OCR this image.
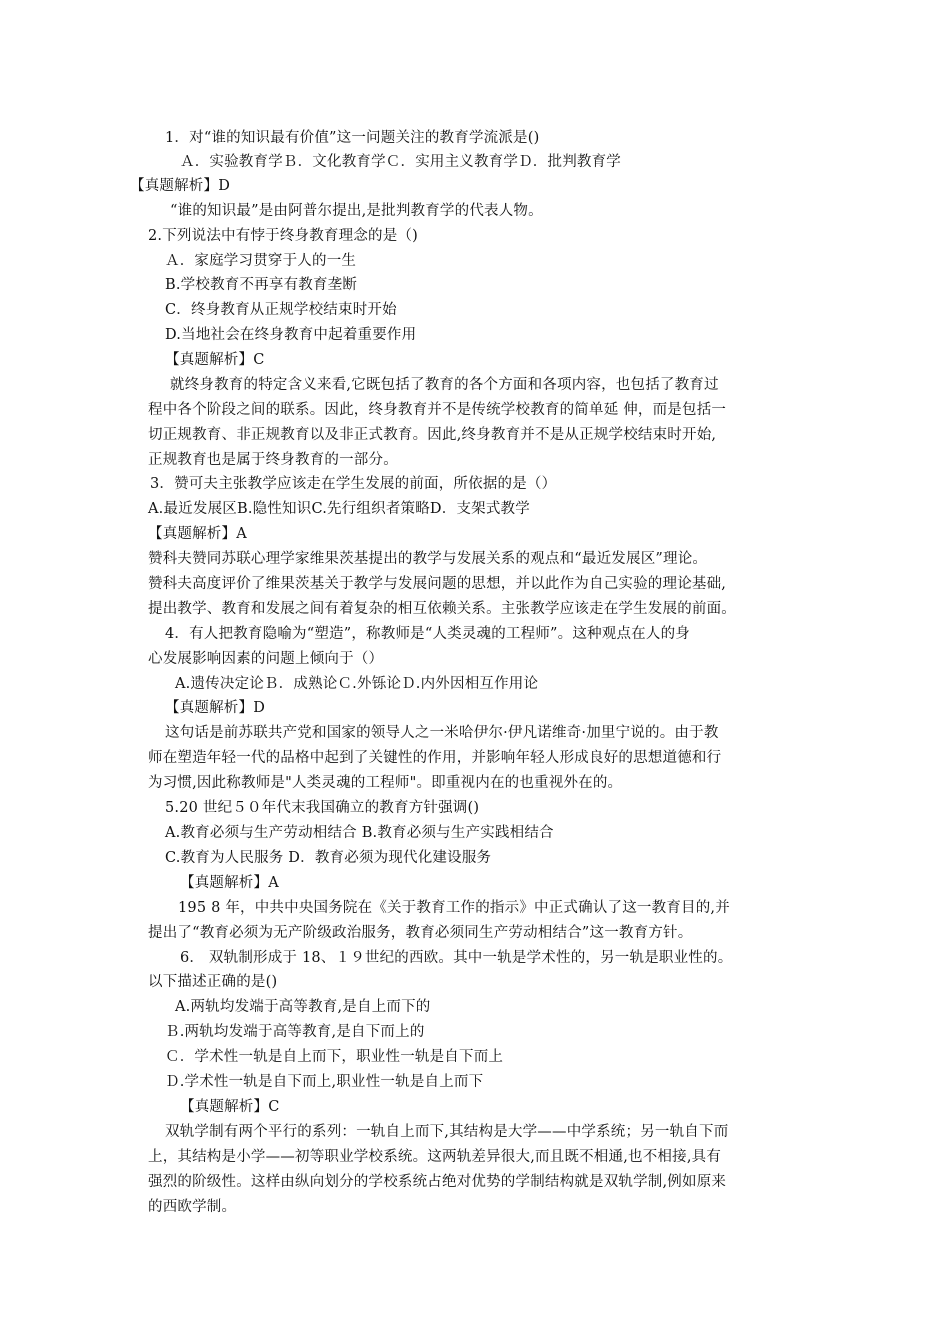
1．对“谁的知识最有价值”这一问题关注的教育学流派是()
Ａ．实验教育学Ｂ．文化教育学Ｃ．实用主义教育学Ｄ．批判教育学
【真题解析】D
“谁的知识最”是由阿普尔提出,是批判教育学的代表人物。
2.下列说法中有悖于终身教育理念的是（)
Ａ．家庭学习贯穿于人的一生
B.学校教育不再享有教育垄断
C．终身教育从正规学校结束时开始
D.当地社会在终身教育中起着重要作用
【真题解析】C
就终身教育的特定含义来看,它既包括了教育的各个方面和各项内容，也包括了教育过
程中各个阶段之间的联系。因此，终身教育并不是传统学校教育的简单延 伸，而是包括一
切正规教育、非正规教育以及非正式教育。因此,终身教育并不是从正规学校结束时开始,
正规教育也是属于终身教育的一部分。
3．赞可夫主张教学应该走在学生发展的前面，所依据的是（）
A.最近发展区B.隐性知识C.先行组织者策略D．支架式教学
【真题解析】A
赞科夫赞同苏联心理学家维果茨基提出的教学与发展关系的观点和“最近发展区”理论。
赞科夫高度评价了维果茨基关于教学与发展问题的思想，并以此作为自己实验的理论基础,
提出教学、教育和发展之间有着复杂的相互依赖关系。主张教学应该走在学生发展的前面。
4．有人把教育隐喻为“塑造”，称教师是“人类灵魂的工程师”。这种观点在人的身
心发展影响因素的问题上倾向于（）
A.遗传决定论Ｂ．成熟论Ｃ.外铄论Ｄ.内外因相互作用论
【真题解析】D
这句话是前苏联共产党和国家的领导人之一米哈伊尔·伊凡诺维奇·加里宁说的。由于教
师在塑造年轻一代的品格中起到了关键性的作用，并影响年轻人形成良好的思想道德和行
为习惯,因此称教师是"人类灵魂的工程师"。即重视内在的也重视外在的。
5.20 世纪５０年代末我国确立的教育方针强调()
A.教育必须与生产劳动相结合 B.教育必须与生产实践相结合
C.教育为人民服务 D．教育必须为现代化建设服务
【真题解析】A
195 8 年，中共中央国务院在《关于教育工作的指示》中正式确认了这一教育目的,并
提出了“教育必须为无产阶级政治服务，教育必须同生产劳动相结合”这一教育方针。
6． 双轨制形成于 18、１９世纪的西欧。其中一轨是学术性的，另一轨是职业性的。
以下描述正确的是()
A.两轨均发端于高等教育,是自上而下的
Ｂ.两轨均发端于高等教育,是自下而上的
Ｃ．学术性一轨是自上而下，职业性一轨是自下而上
Ｄ.学术性一轨是自下而上,职业性一轨是自上而下
【真题解析】C
双轨学制有两个平行的系列：一轨自上而下,其结构是大学——中学系统；另一轨自下而
上，其结构是小学——初等职业学校系统。这两轨差异很大,而且既不相通,也不相接,具有
强烈的阶级性。这样由纵向划分的学校系统占绝对优势的学制结构就是双轨学制,例如原来
的西欧学制。
